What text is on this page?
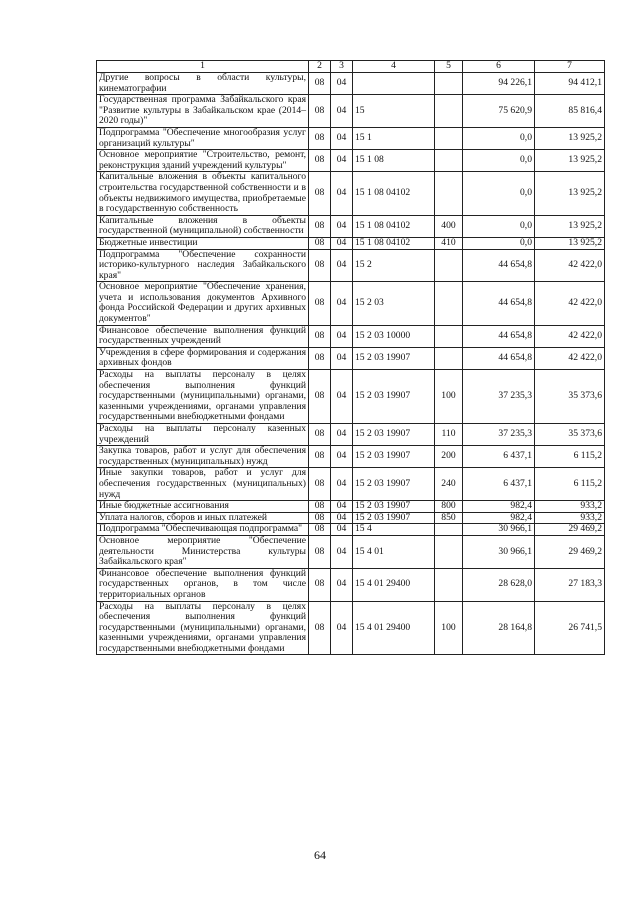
1	2	3	4	5	6	7
Другие вопросы в области культуры, кинематографии	08	04			94 226,1	94 412,1
Государственная программа Забайкальского края "Развитие культуры в Забайкальском крае (2014–2020 годы)"	08	04	15		75 620,9	85 816,4
Подпрограмма "Обеспечение многообразия услуг организаций культуры"	08	04	15 1		0,0	13 925,2
Основное мероприятие "Строительство, ремонт, реконструкция зданий учреждений культуры"	08	04	15 1 08		0,0	13 925,2
Капитальные вложения в объекты капитального строительства государственной собственности и в объекты недвижимого имущества, приобретаемые в государственную собственность	08	04	15 1 08 04102		0,0	13 925,2
Капитальные вложения в объекты государственной (муниципальной) собственности	08	04	15 1 08 04102	400	0,0	13 925,2
Бюджетные инвестиции	08	04	15 1 08 04102	410	0,0	13 925,2
Подпрограмма "Обеспечение сохранности историко-культурного наследия Забайкальского края"	08	04	15 2		44 654,8	42 422,0
Основное мероприятие "Обеспечение хранения, учета и использования документов Архивного фонда Российской Федерации и других архивных документов"	08	04	15 2 03		44 654,8	42 422,0
Финансовое обеспечение выполнения функций государственных учреждений	08	04	15 2 03 10000		44 654,8	42 422,0
Учреждения в сфере формирования и содержания архивных фондов	08	04	15 2 03 19907		44 654,8	42 422,0
Расходы на выплаты персоналу в целях обеспечения выполнения функций государственными (муниципальными) органами, казенными учреждениями, органами управления государственными внебюджетными фондами	08	04	15 2 03 19907	100	37 235,3	35 373,6
Расходы на выплаты персоналу казенных учреждений	08	04	15 2 03 19907	110	37 235,3	35 373,6
Закупка товаров, работ и услуг для обеспечения государственных (муниципальных) нужд	08	04	15 2 03 19907	200	6 437,1	6 115,2
Иные закупки товаров, работ и услуг для обеспечения государственных (муниципальных) нужд	08	04	15 2 03 19907	240	6 437,1	6 115,2
Иные бюджетные ассигнования	08	04	15 2 03 19907	800	982,4	933,2
Уплата налогов, сборов и иных платежей	08	04	15 2 03 19907	850	982,4	933,2
Подпрограмма "Обеспечивающая подпрограмма"	08	04	15 4		30 966,1	29 469,2
Основное мероприятие "Обеспечение деятельности Министерства культуры Забайкальского края"	08	04	15 4 01		30 966,1	29 469,2
Финансовое обеспечение выполнения функций государственных органов, в том числе территориальных органов	08	04	15 4 01 29400		28 628,0	27 183,3
Расходы на выплаты персоналу в целях обеспечения выполнения функций государственными (муниципальными) органами, казенными учреждениями, органами управления государственными внебюджетными фондами	08	04	15 4 01 29400	100	28 164,8	26 741,5
64
